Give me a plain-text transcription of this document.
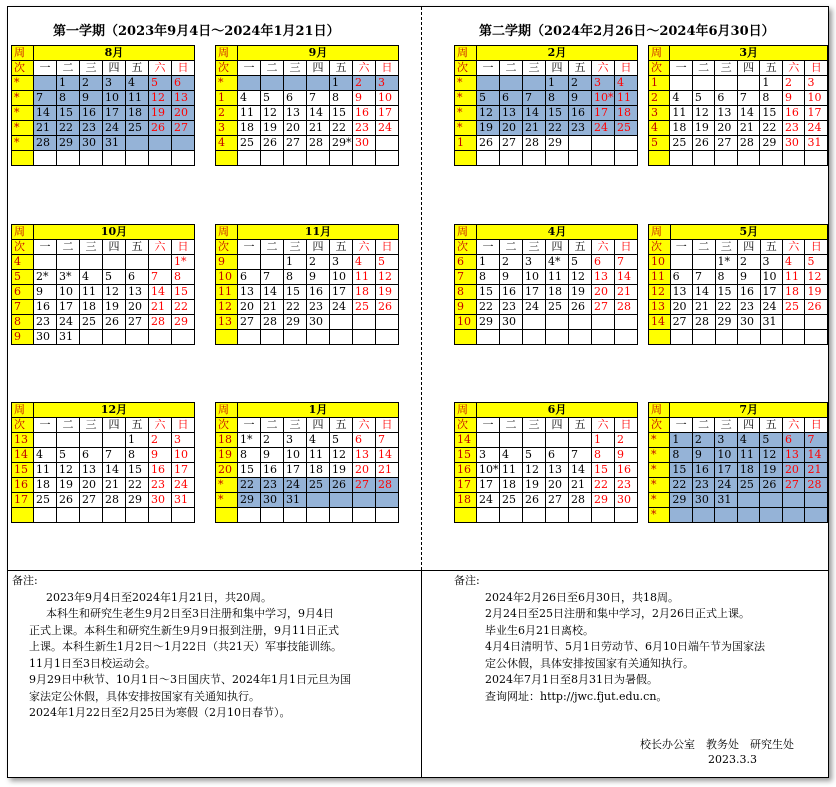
第一学期（2023年9月4日～2024年1月21日）	第二学期（2024年2月26日～2024年6月30日）
周	8月						
次	一	二	三	四	五	六	日
*		1	2	3	4	5	6
*	7	8	9	10	11	12	13
*	14	15	16	17	18	19	20
*	21	22	23	24	25	26	27
*	28	29	30	31			

周	9月						
次	一	二	三	四	五	六	日
*					1	2	3
1	4	5	6	7	8	9	10
2	11	12	13	14	15	16	17
3	18	19	20	21	22	23	24
4	25	26	27	28	29*	30	

周	10月						
次	一	二	三	四	五	六	日
4							1*
5	2*	3*	4	5	6	7	8
6	9	10	11	12	13	14	15
7	16	17	18	19	20	21	22
8	23	24	25	26	27	28	29
9	30	31					
周	11月						
次	一	二	三	四	五	六	日
9			1	2	3	4	5
10	6	7	8	9	10	11	12
11	13	14	15	16	17	18	19
12	20	21	22	23	24	25	26
13	27	28	29	30			

周	12月						
次	一	二	三	四	五	六	日
13					1	2	3
14	4	5	6	7	8	9	10
15	11	12	13	14	15	16	17
16	18	19	20	21	22	23	24
17	25	26	27	28	29	30	31

周	1月						
次	一	二	三	四	五	六	日
18	1*	2	3	4	5	6	7
19	8	9	10	11	12	13	14
20	15	16	17	18	19	20	21
*	22	23	24	25	26	27	28
*	29	30	31				

周	2月						
次	一	二	三	四	五	六	日
*				1	2	3	4
*	5	6	7	8	9	10*	11
*	12	13	14	15	16	17	18
*	19	20	21	22	23	24	25
1	26	27	28	29			

周	3月						
次	一	二	三	四	五	六	日
1					1	2	3
2	4	5	6	7	8	9	10
3	11	12	13	14	15	16	17
4	18	19	20	21	22	23	24
5	25	26	27	28	29	30	31

周	4月						
次	一	二	三	四	五	六	日
6	1	2	3	4*	5	6	7
7	8	9	10	11	12	13	14
8	15	16	17	18	19	20	21
9	22	23	24	25	26	27	28
10	29	30					

周	5月						
次	一	二	三	四	五	六	日
10			1*	2	3	4	5
11	6	7	8	9	10	11	12
12	13	14	15	16	17	18	19
13	20	21	22	23	24	25	26
14	27	28	29	30	31		

周	6月						
次	一	二	三	四	五	六	日
14						1	2
15	3	4	5	6	7	8	9
16	10*	11	12	13	14	15	16
17	17	18	19	20	21	22	23
18	24	25	26	27	28	29	30

周	7月						
次	一	二	三	四	五	六	日
*	1	2	3	4	5	6	7
*	8	9	10	11	12	13	14
*	15	16	17	18	19	20	21
*	22	23	24	25	26	27	28
*	29	30	31				
*							
备注:
2023年9月4日至2024年1月21日，共20周。
本科生和研究生老生9月2日至3日注册和集中学习，9月4日
正式上课。本科生和研究生新生9月9日报到注册，9月11日正式
上课。本科生新生1月2日～1月22日（共21天）军事技能训练。
11月1日至3日校运动会。
9月29日中秋节、10月1日～3日国庆节、2024年1月1日元旦为国
家法定公休假，具体安排按国家有关通知执行。
2024年1月22日至2月25日为寒假（2月10日春节）。
备注:
2024年2月26日至6月30日，共18周。
2月24日至25日注册和集中学习，2月26日正式上课。
毕业生6月21日离校。
4月4日清明节、5月1日劳动节、6月10日端午节为国家法
定公休假，具体安排按国家有关通知执行。
2024年7月1日至8月31日为暑假。
查询网址：http://jwc.fjut.edu.cn。
校长办公室　教务处　研究生处
2023.3.3
